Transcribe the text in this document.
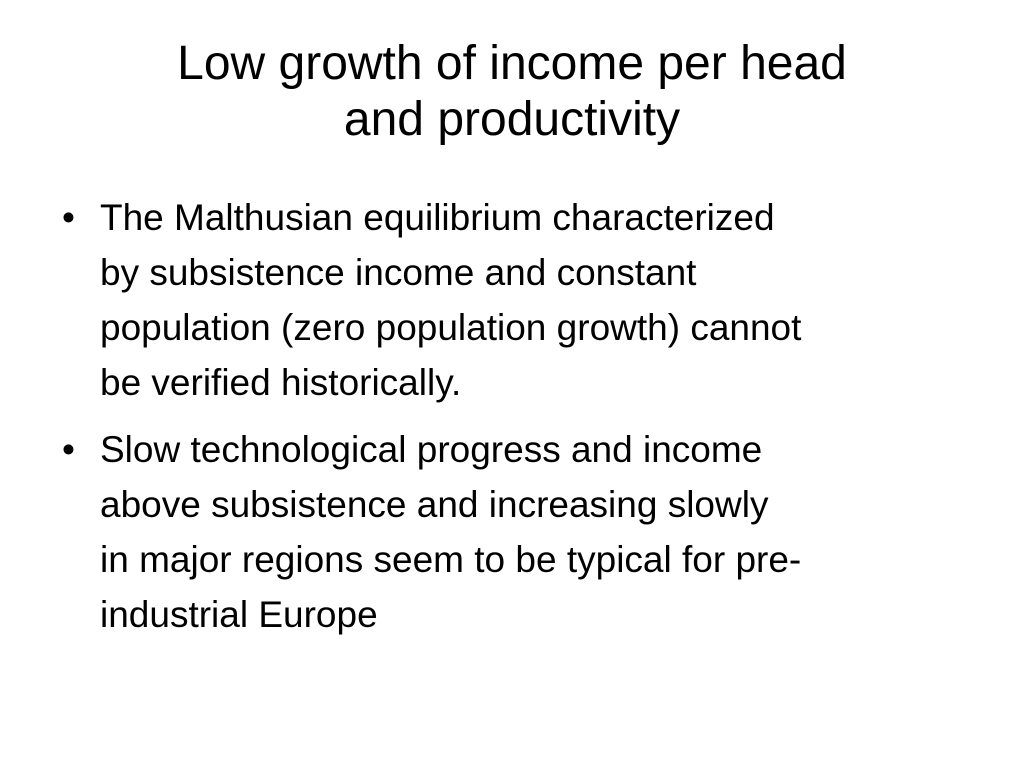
Low growth of income per head
and productivity
• The Malthusian equilibrium characterized
by subsistence income and constant
population (zero population growth) cannot
be verified historically.
• Slow technological progress and income
above subsistence and increasing slowly
in major regions seem to be typical for pre-
industrial Europe
